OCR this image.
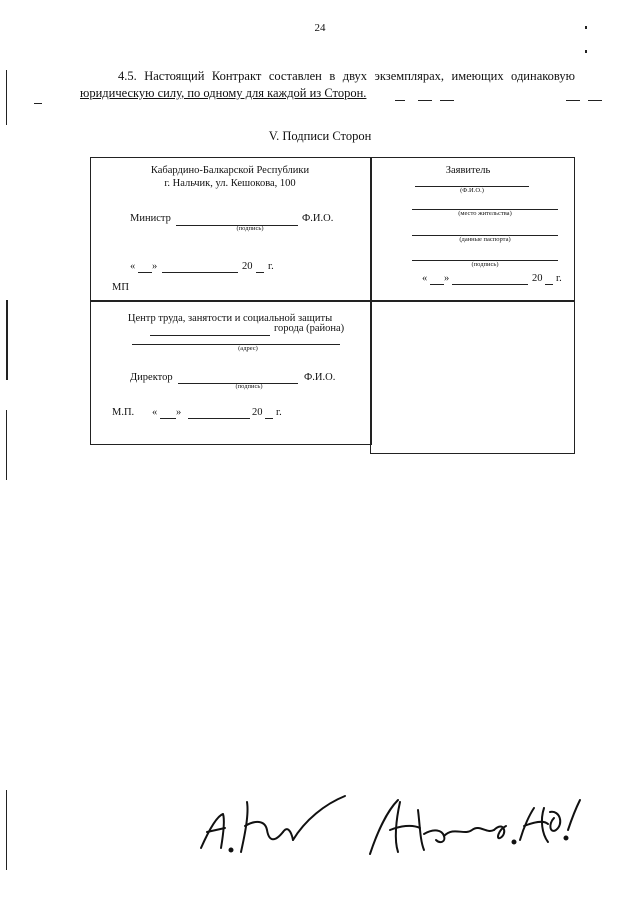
24
4.5. Настоящий Контракт составлен в двух экземплярах, имеющих одинаковую
юридическую силу, по одному для каждой из Сторон.
V. Подписи Сторон
Кабардино-Балкарской Республики
г. Нальчик, ул. Кешокова, 100
Министр	Ф.И.О.
(подпись)
« »	20 г.
МП
Заявитель
(Ф.И.О.)
(место жительства)
(данные паспорта)
(подпись)
« »	20 г.
Центр труда, занятости и социальной защиты
города (района)
(адрес)
Директор	Ф.И.О.
(подпись)
М.П. « »	20 г.
